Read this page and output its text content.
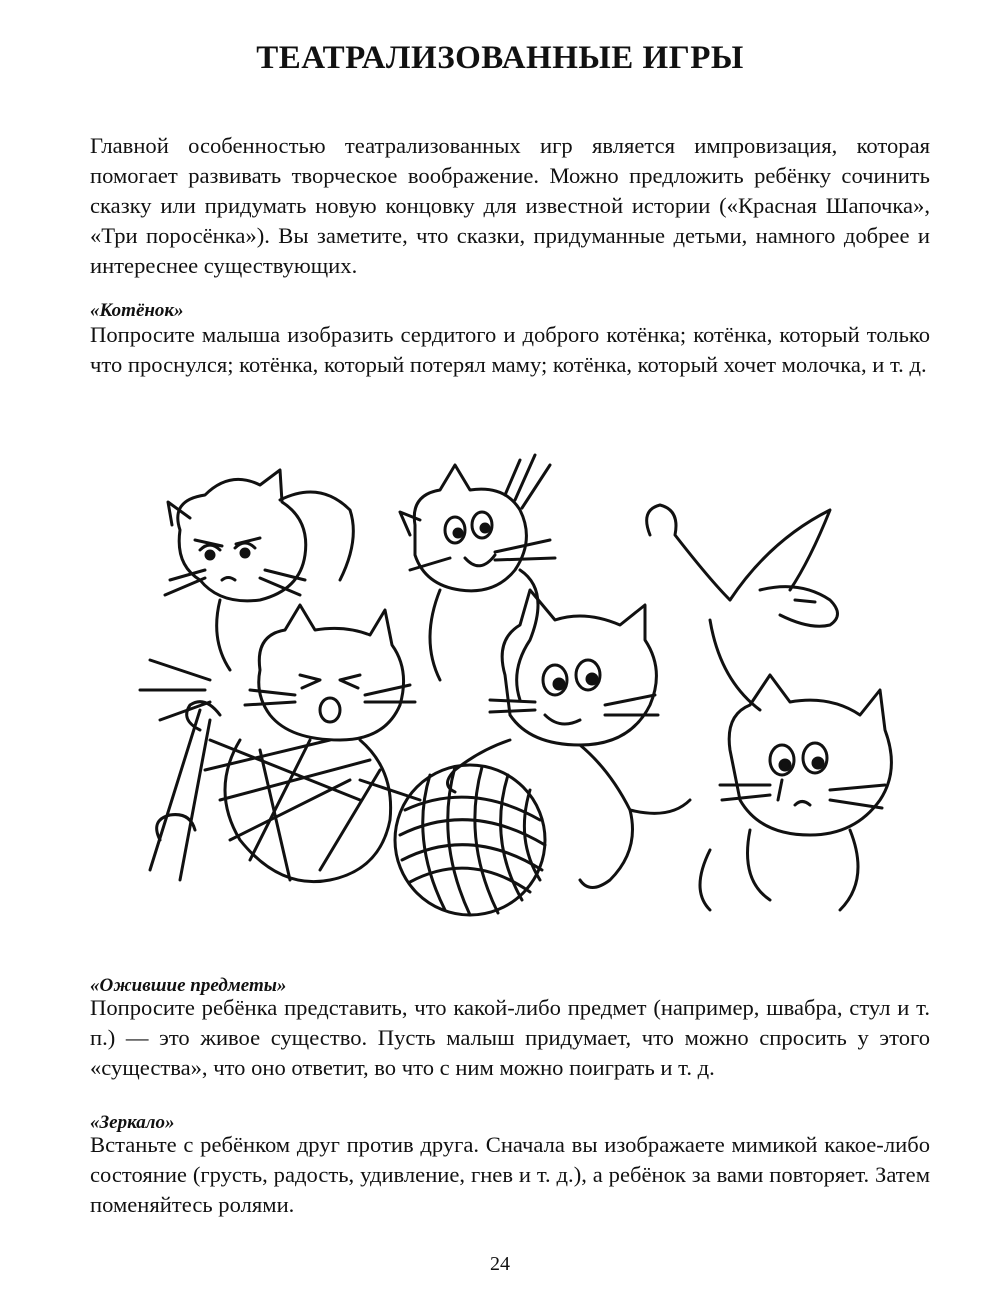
ТЕАТРАЛИЗОВАННЫЕ ИГРЫ

Главной особенностью театрализованных игр является импровизация, которая помогает развивать творческое воображение. Можно предложить ребёнку сочинить сказку или придумать новую концовку для известной истории («Красная Шапочка», «Три поросёнка»). Вы заметите, что сказки, придуманные детьми, намного добрее и интереснее существующих.

«Котёнок»

Попросите малыша изобразить сердитого и доброго котёнка; котёнка, который только что проснулся; котёнка, который потерял маму; котёнка, который хочет молочка, и т. д.

«Ожившие предметы»

Попросите ребёнка представить, что какой-либо предмет (например, швабра, стул и т. п.) — это живое существо. Пусть малыш придумает, что можно спросить у этого «существа», что оно ответит, во что с ним можно поиграть и т. д.

«Зеркало»

Встаньте с ребёнком друг против друга. Сначала вы изображаете мимикой какое-либо состояние (грусть, радость, удивление, гнев и т. д.), а ребёнок за вами повторяет. Затем поменяйтесь ролями.

24
